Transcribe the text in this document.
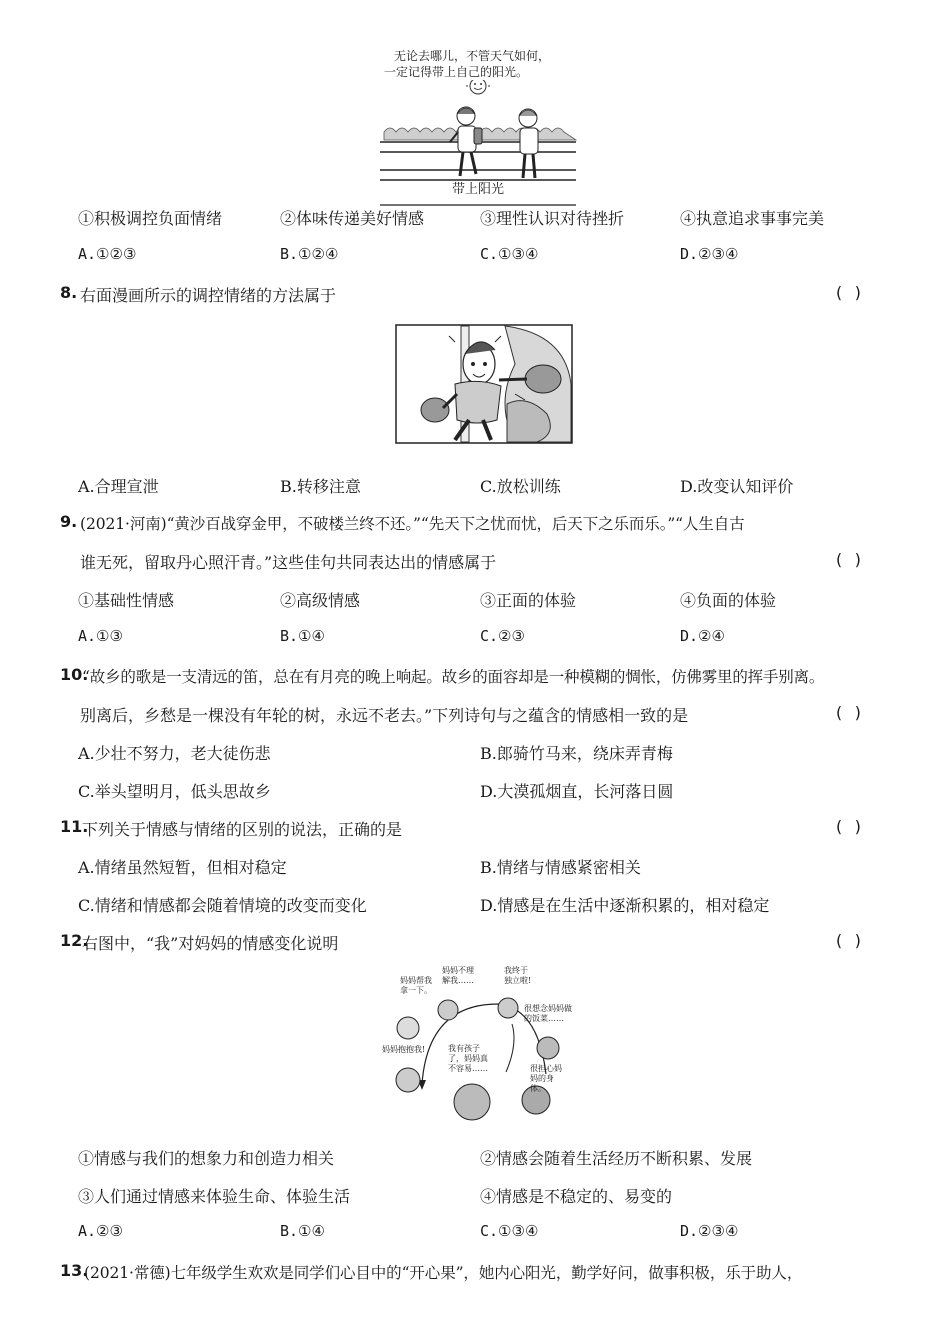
无论去哪儿，不管天气如何，
一定记得带上自己的阳光。
带上阳光
①积极调控负面情绪	②体味传递美好情感	③理性认识对待挫折	④执意追求事事完美
A.①②③	B.①②④	C.①③④	D.②③④
8. 右面漫画所示的调控情绪的方法属于	( )
A.合理宣泄	B.转移注意	C.放松训练	D.改变认知评价
9. (2021·河南)“黄沙百战穿金甲，不破楼兰终不还。”“先天下之忧而忧，后天下之乐而乐。”“人生自古
谁无死，留取丹心照汗青。”这些佳句共同表达出的情感属于	( )
①基础性情感	②高级情感	③正面的体验	④负面的体验
A.①③	B.①④	C.②③	D.②④
10.
“故乡的歌是一支清远的笛，总在有月亮的晚上响起。故乡的面容却是一种模糊的惆怅，仿佛雾里的挥手别离。
别离后，乡愁是一棵没有年轮的树，永远不老去。”下列诗句与之蕴含的情感相一致的是	( )
A.少壮不努力，老大徒伤悲	B.郎骑竹马来，绕床弄青梅
C.举头望明月，低头思故乡	D.大漠孤烟直，长河落日圆
11.
下列关于情感与情绪的区别的说法，正确的是	( )
A.情绪虽然短暂，但相对稳定	B.情绪与情感紧密相关
C.情绪和情感都会随着情境的改变而变化	D.情感是在生活中逐渐积累的，相对稳定
12.
右图中，“我”对妈妈的情感变化说明	( )
妈妈帮我拿一下。
妈妈不理解我……
我终于独立啦!
很想念妈妈做的饭菜……
妈妈抱抱我!	我有孩子了，妈妈真不容易……	很担心妈妈的身体。
①情感与我们的想象力和创造力相关	②情感会随着生活经历不断积累、发展
③人们通过情感来体验生命、体验生活	④情感是不稳定的、易变的
A.②③	B.①④	C.①③④	D.②③④
13.
(2021·常德)七年级学生欢欢是同学们心目中的“开心果”，她内心阳光，勤学好问，做事积极，乐于助人，
